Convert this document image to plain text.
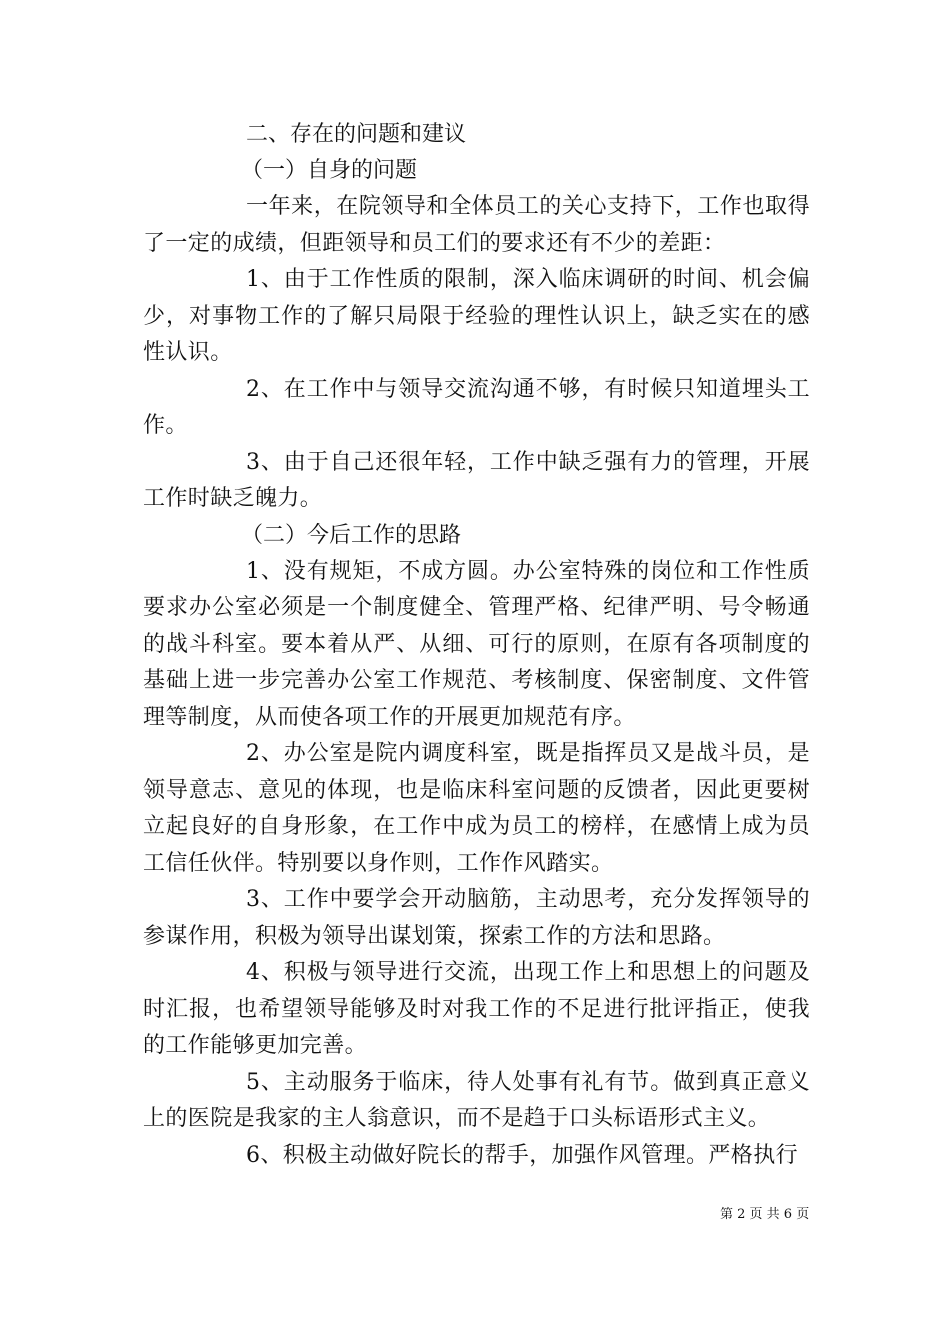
二、存在的问题和建议

（一）自身的问题

一年来，在院领导和全体员工的关心支持下，工作也取得了一定的成绩，但距领导和员工们的要求还有不少的差距：

1、由于工作性质的限制，深入临床调研的时间、机会偏少，对事物工作的了解只局限于经验的理性认识上，缺乏实在的感性认识。

2、在工作中与领导交流沟通不够，有时候只知道埋头工作。

3、由于自己还很年轻，工作中缺乏强有力的管理，开展工作时缺乏魄力。

（二）今后工作的思路

1、没有规矩，不成方圆。办公室特殊的岗位和工作性质要求办公室必须是一个制度健全、管理严格、纪律严明、号令畅通的战斗科室。要本着从严、从细、可行的原则，在原有各项制度的基础上进一步完善办公室工作规范、考核制度、保密制度、文件管理等制度，从而使各项工作的开展更加规范有序。

2、办公室是院内调度科室，既是指挥员又是战斗员，是领导意志、意见的体现，也是临床科室问题的反馈者，因此更要树立起良好的自身形象，在工作中成为员工的榜样，在感情上成为员工信任伙伴。特别要以身作则，工作作风踏实。

3、工作中要学会开动脑筋，主动思考，充分发挥领导的参谋作用，积极为领导出谋划策，探索工作的方法和思路。

4、积极与领导进行交流，出现工作上和思想上的问题及时汇报，也希望领导能够及时对我工作的不足进行批评指正，使我的工作能够更加完善。

5、主动服务于临床，待人处事有礼有节。做到真正意义上的医院是我家的主人翁意识，而不是趋于口头标语形式主义。

6、积极主动做好院长的帮手，加强作风管理。严格执行

第 2 页 共 6 页
